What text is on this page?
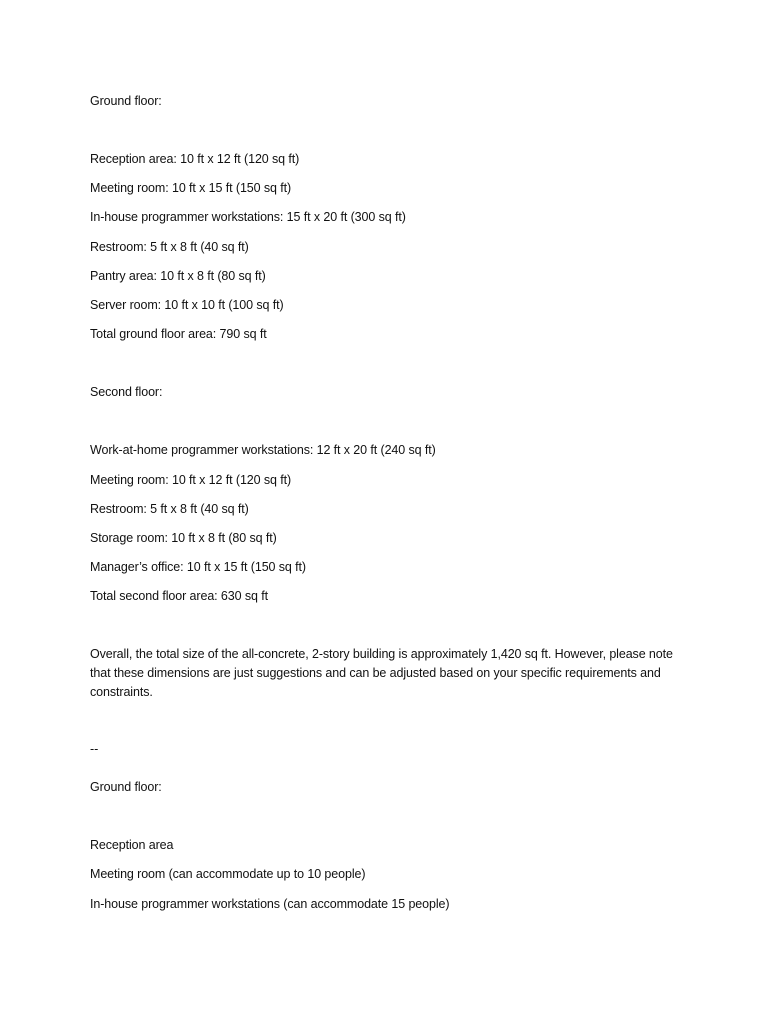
Ground floor:
Reception area: 10 ft x 12 ft (120 sq ft)
Meeting room: 10 ft x 15 ft (150 sq ft)
In-house programmer workstations: 15 ft x 20 ft (300 sq ft)
Restroom: 5 ft x 8 ft (40 sq ft)
Pantry area: 10 ft x 8 ft (80 sq ft)
Server room: 10 ft x 10 ft (100 sq ft)
Total ground floor area: 790 sq ft
Second floor:
Work-at-home programmer workstations: 12 ft x 20 ft (240 sq ft)
Meeting room: 10 ft x 12 ft (120 sq ft)
Restroom: 5 ft x 8 ft (40 sq ft)
Storage room: 10 ft x 8 ft (80 sq ft)
Manager’s office: 10 ft x 15 ft (150 sq ft)
Total second floor area: 630 sq ft
Overall, the total size of the all-concrete, 2-story building is approximately 1,420 sq ft. However, please note that these dimensions are just suggestions and can be adjusted based on your specific requirements and constraints.
--
Ground floor:
Reception area
Meeting room (can accommodate up to 10 people)
In-house programmer workstations (can accommodate 15 people)
